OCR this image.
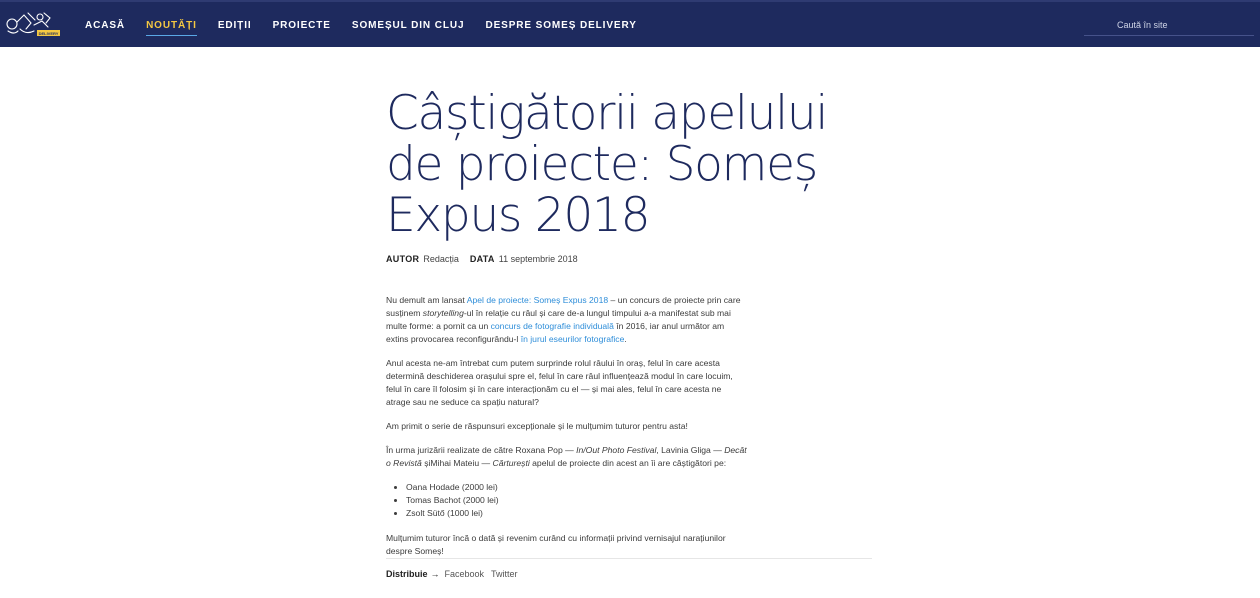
DELIVERY
ACASĂ NOUTĂȚI EDIȚII PROIECTE SOMEȘUL DIN CLUJ DESPRE SOMEȘ DELIVERY
Caută în site
Câștigătorii apelului de proiecte: Someș Expus 2018
AUTOR Redacția DATA 11 septembrie 2018

Nu demult am lansat Apel de proiecte: Someș Expus 2018 – un concurs de proiecte prin care susținem storytelling-ul în relație cu râul și care de-a lungul timpului a-a manifestat sub mai multe forme: a pornit ca un concurs de fotografie individuală în 2016, iar anul următor am extins provocarea reconfigurându-l în jurul eseurilor fotografice.

Anul acesta ne-am întrebat cum putem surprinde rolul râului în oraș, felul în care acesta determină deschiderea orașului spre el, felul în care râul influențează modul în care locuim, felul în care îl folosim și în care interacționăm cu el — și mai ales, felul în care acesta ne atrage sau ne seduce ca spațiu natural?

Am primit o serie de răspunsuri excepționale și le mulțumim tuturor pentru asta!

În urma jurizării realizate de către Roxana Pop — In/Out Photo Festival, Lavinia Gliga — Decât o Revistă șiMihai Mateiu — Cărturești apelul de proiecte din acest an îi are câștigători pe:

• Oana Hodade (2000 lei)
• Tomas Bachot (2000 lei)
• Zsolt Sütő (1000 lei)

Mulțumim tuturor încă o dată și revenim curând cu informații privind vernisajul narațiunilor despre Someș!

Distribuie → Facebook Twitter
